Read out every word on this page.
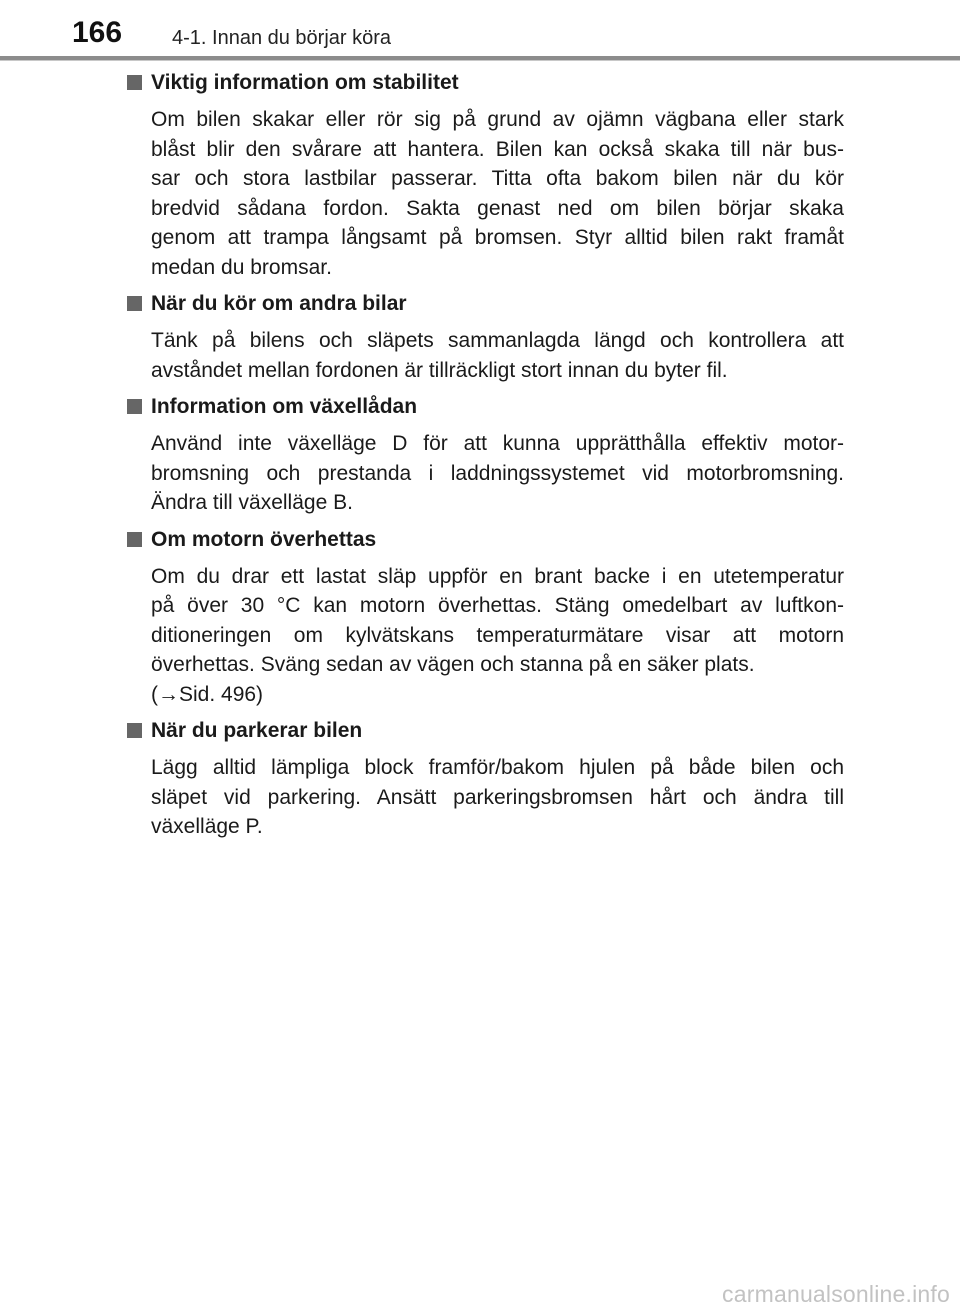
166 4-1. Innan du börjar köra
Viktig information om stabilitet
Om bilen skakar eller rör sig på grund av ojämn vägbana eller stark
blåst blir den svårare att hantera. Bilen kan också skaka till när bus-
sar och stora lastbilar passerar. Titta ofta bakom bilen när du kör
bredvid sådana fordon. Sakta genast ned om bilen börjar skaka
genom att trampa långsamt på bromsen. Styr alltid bilen rakt framåt
medan du bromsar.
När du kör om andra bilar
Tänk på bilens och släpets sammanlagda längd och kontrollera att
avståndet mellan fordonen är tillräckligt stort innan du byter fil.
Information om växellådan
Använd inte växelläge D för att kunna upprätthålla effektiv motor-
bromsning och prestanda i laddningssystemet vid motorbromsning.
Ändra till växelläge B.
Om motorn överhettas
Om du drar ett lastat släp uppför en brant backe i en utetemperatur
på över 30 °C kan motorn överhettas. Stäng omedelbart av luftkon-
ditioneringen om kylvätskans temperaturmätare visar att motorn
överhettas. Sväng sedan av vägen och stanna på en säker plats.
(→Sid. 496)
När du parkerar bilen
Lägg alltid lämpliga block framför/bakom hjulen på både bilen och
släpet vid parkering. Ansätt parkeringsbromsen hårt och ändra till
växelläge P.
carmanualsonline.info
